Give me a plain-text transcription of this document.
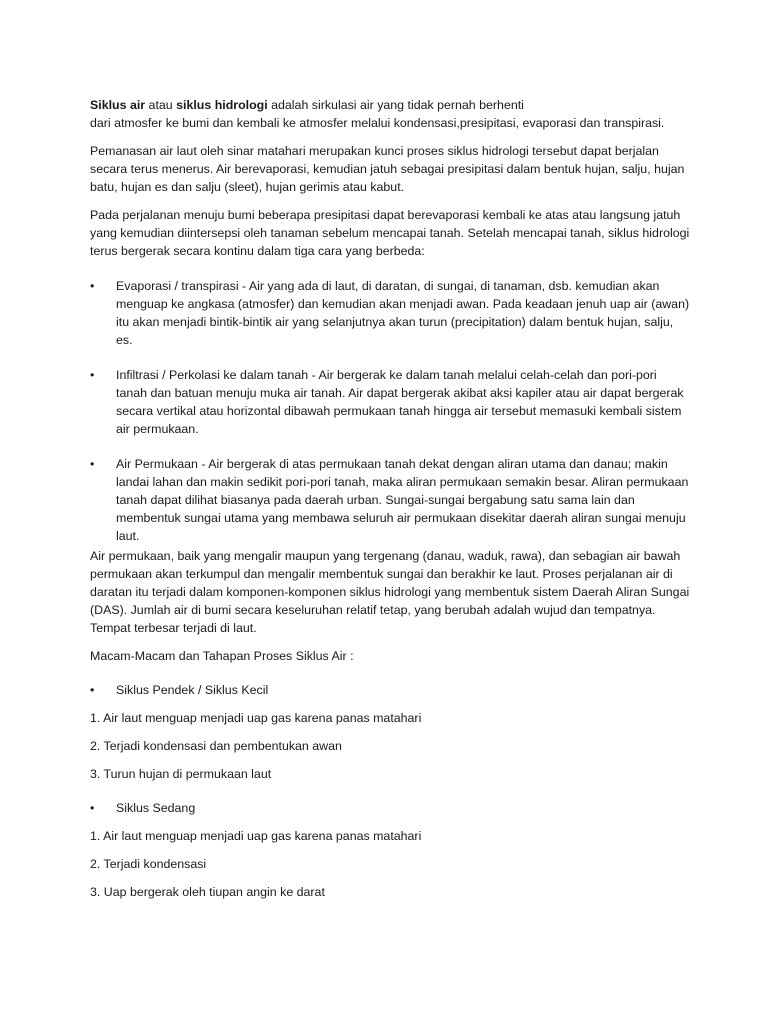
Siklus air atau siklus hidrologi adalah sirkulasi air yang tidak pernah berhenti
dari atmosfer ke bumi dan kembali ke atmosfer melalui kondensasi,presipitasi, evaporasi dan transpirasi.

Pemanasan air laut oleh sinar matahari merupakan kunci proses siklus hidrologi tersebut dapat berjalan secara terus menerus. Air berevaporasi, kemudian jatuh sebagai presipitasi dalam bentuk hujan, salju, hujan batu, hujan es dan salju (sleet), hujan gerimis atau kabut.

Pada perjalanan menuju bumi beberapa presipitasi dapat berevaporasi kembali ke atas atau langsung jatuh yang kemudian diintersepsi oleh tanaman sebelum mencapai tanah. Setelah mencapai tanah, siklus hidrologi terus bergerak secara kontinu dalam tiga cara yang berbeda:

•	Evaporasi / transpirasi - Air yang ada di laut, di daratan, di sungai, di tanaman, dsb. kemudian akan menguap ke angkasa (atmosfer) dan kemudian akan menjadi awan. Pada keadaan jenuh uap air (awan) itu akan menjadi bintik-bintik air yang selanjutnya akan turun (precipitation) dalam bentuk hujan, salju, es.
•	Infiltrasi / Perkolasi ke dalam tanah - Air bergerak ke dalam tanah melalui celah-celah dan pori-pori tanah dan batuan menuju muka air tanah. Air dapat bergerak akibat aksi kapiler atau air dapat bergerak secara vertikal atau horizontal dibawah permukaan tanah hingga air tersebut memasuki kembali sistem air permukaan.
•	Air Permukaan - Air bergerak di atas permukaan tanah dekat dengan aliran utama dan danau; makin landai lahan dan makin sedikit pori-pori tanah, maka aliran permukaan semakin besar. Aliran permukaan tanah dapat dilihat biasanya pada daerah urban. Sungai-sungai bergabung satu sama lain dan membentuk sungai utama yang membawa seluruh air permukaan disekitar daerah aliran sungai menuju laut.

Air permukaan, baik yang mengalir maupun yang tergenang (danau, waduk, rawa), dan sebagian air bawah permukaan akan terkumpul dan mengalir membentuk sungai dan berakhir ke laut. Proses perjalanan air di daratan itu terjadi dalam komponen-komponen siklus hidrologi yang membentuk sistem Daerah Aliran Sungai (DAS). Jumlah air di bumi secara keseluruhan relatif tetap, yang berubah adalah wujud dan tempatnya. Tempat terbesar terjadi di laut.

Macam-Macam dan Tahapan Proses Siklus Air :

•	Siklus Pendek / Siklus Kecil

1. Air laut menguap menjadi uap gas karena panas matahari

2. Terjadi kondensasi dan pembentukan awan

3. Turun hujan di permukaan laut

•	Siklus Sedang

1. Air laut menguap menjadi uap gas karena panas matahari

2. Terjadi kondensasi

3. Uap bergerak oleh tiupan angin ke darat
